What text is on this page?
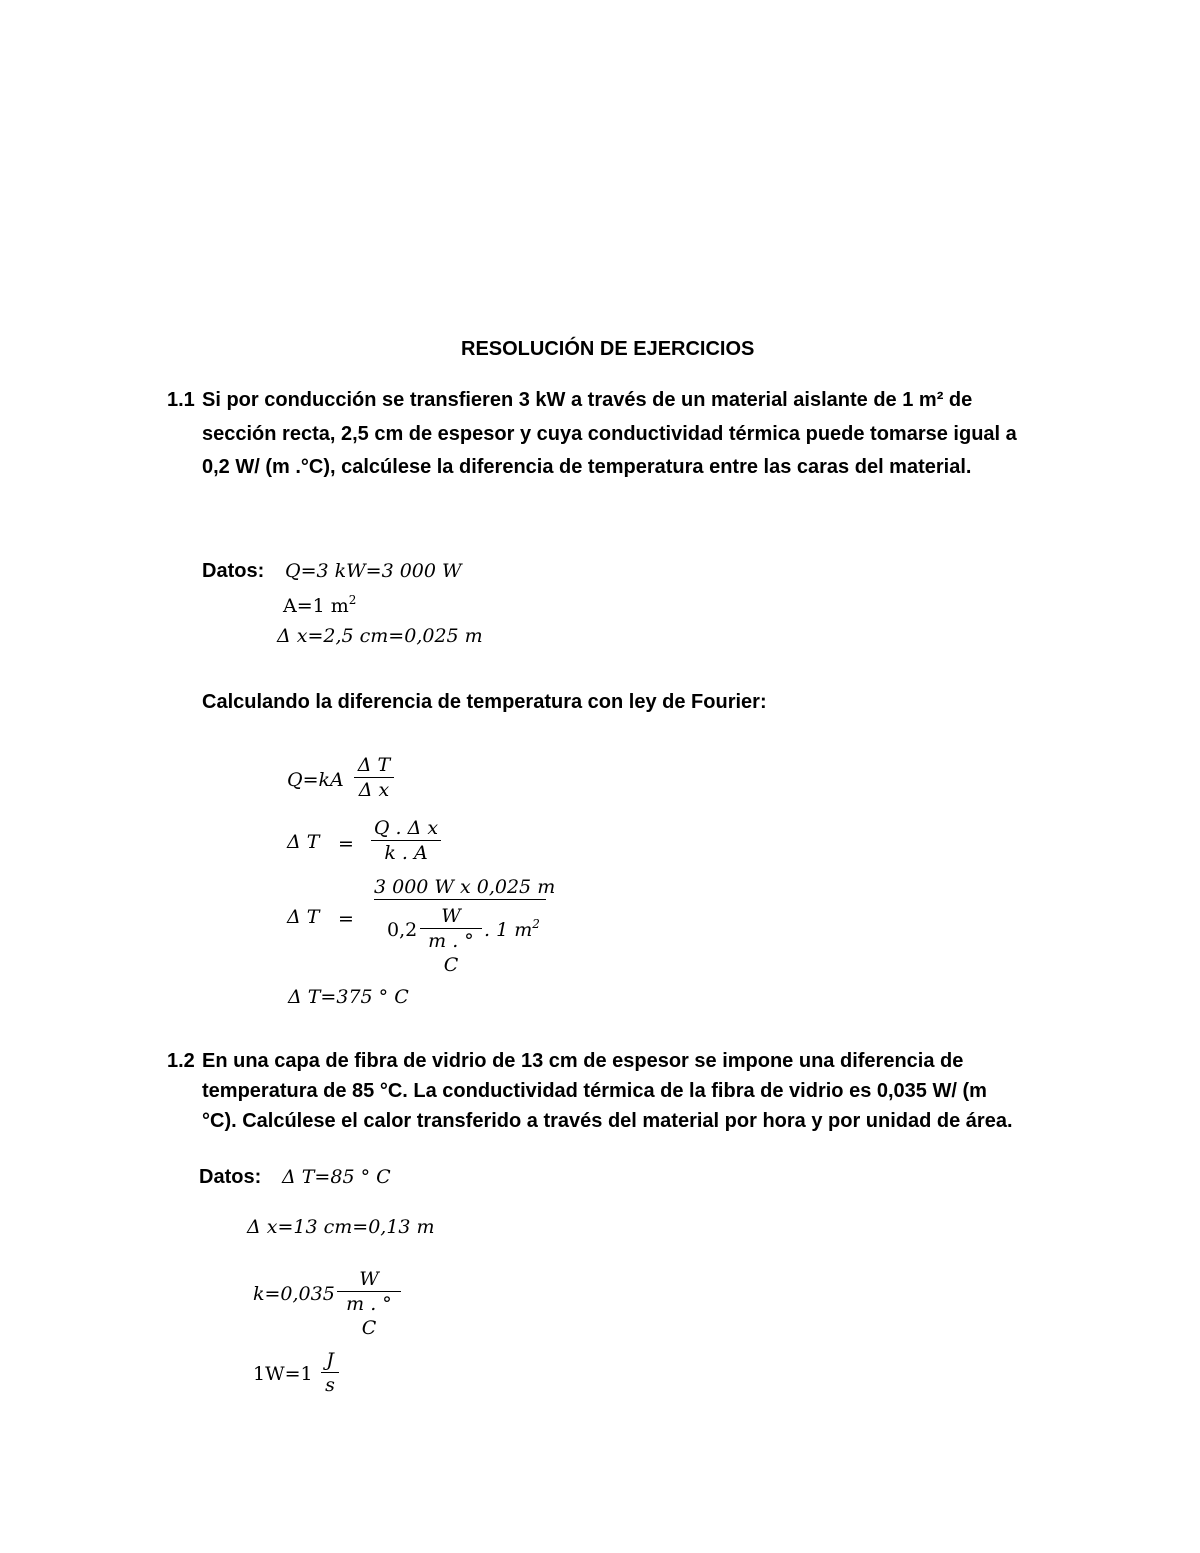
RESOLUCIÓN DE EJERCICIOS
1.1 Si por conducción se transfieren 3 kW a través de un material aislante de 1 m² de
sección recta, 2,5 cm de espesor y cuya conductividad térmica puede tomarse igual a
0,2 W/ (m .°C), calcúlese la diferencia de temperatura entre las caras del material.
Datos: Q=3 kW=3 000 W
A=1 $m^2$
Δ x=2,5 cm=0,025 m
Calculando la diferencia de temperatura con ley de Fourier:
$Q=kA \frac{\text{Δ T}}{\text{Δ x}}$
Δ $T = \frac{\text{Q . Δ x}}{k . A}$
Δ T =
3 000 W x 0,025 m
$0,2 \frac{W}{m . ^\circ C}$ . 1 $m^2$
Δ T=375 ° C
1.2 En una capa de fibra de vidrio de 13 cm de espesor se impone una diferencia de
temperatura de 85 °C. La conductividad térmica de la fibra de vidrio es 0,035 W/ (m
°C). Calcúlese el calor transferido a través del material por hora y por unidad de área.
Datos: Δ T=85 ° C
Δ x=13 cm=0,13 m
$k=0,035 \frac{W}{m . ^\circ C}$
$1W=1 \frac{J}{s}$
